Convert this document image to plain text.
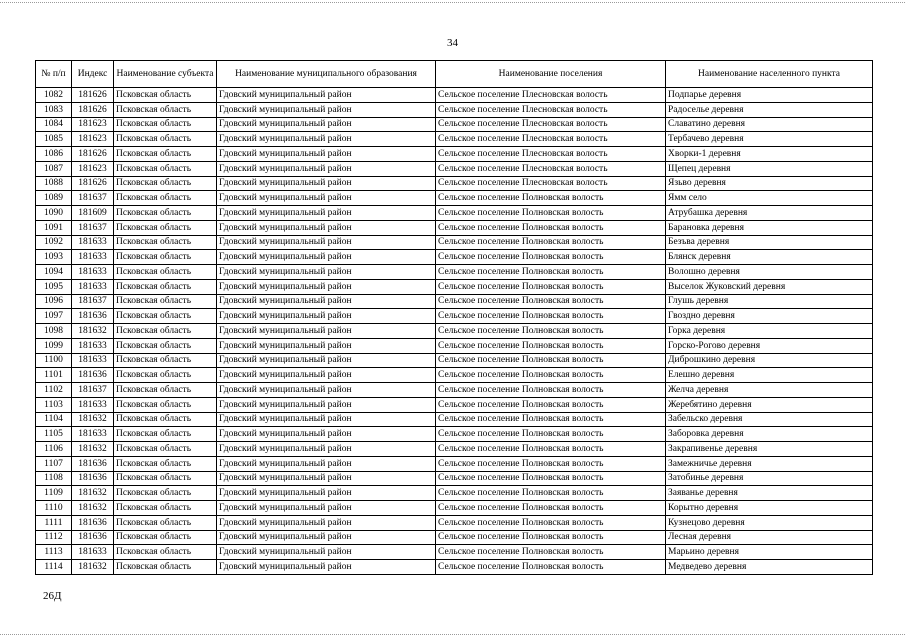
34
№ п/п	Индекс	Наименование субъекта	Наименование муниципального образования	Наименование поселения	Наименование населенного пункта
1082	181626	Псковская область	Гдовский муниципальный район	Сельское поселение Плесновская волость	Подпарье деревня
1083	181626	Псковская область	Гдовский муниципальный район	Сельское поселение Плесновская волость	Радоселье деревня
1084	181623	Псковская область	Гдовский муниципальный район	Сельское поселение Плесновская волость	Славатино деревня
1085	181623	Псковская область	Гдовский муниципальный район	Сельское поселение Плесновская волость	Тербачево деревня
1086	181626	Псковская область	Гдовский муниципальный район	Сельское поселение Плесновская волость	Хворки-1 деревня
1087	181623	Псковская область	Гдовский муниципальный район	Сельское поселение Плесновская волость	Щепец деревня
1088	181626	Псковская область	Гдовский муниципальный район	Сельское поселение Плесновская волость	Язьво деревня
1089	181637	Псковская область	Гдовский муниципальный район	Сельское поселение Полновская волость	Ямм село
1090	181609	Псковская область	Гдовский муниципальный район	Сельское поселение Полновская волость	Атрубашка деревня
1091	181637	Псковская область	Гдовский муниципальный район	Сельское поселение Полновская волость	Барановка деревня
1092	181633	Псковская область	Гдовский муниципальный район	Сельское поселение Полновская волость	Безъва деревня
1093	181633	Псковская область	Гдовский муниципальный район	Сельское поселение Полновская волость	Блянск деревня
1094	181633	Псковская область	Гдовский муниципальный район	Сельское поселение Полновская волость	Волошно деревня
1095	181633	Псковская область	Гдовский муниципальный район	Сельское поселение Полновская волость	Выселок Жуковский деревня
1096	181637	Псковская область	Гдовский муниципальный район	Сельское поселение Полновская волость	Глушь деревня
1097	181636	Псковская область	Гдовский муниципальный район	Сельское поселение Полновская волость	Гвоздно деревня
1098	181632	Псковская область	Гдовский муниципальный район	Сельское поселение Полновская волость	Горка деревня
1099	181633	Псковская область	Гдовский муниципальный район	Сельское поселение Полновская волость	Горско-Рогово деревня
1100	181633	Псковская область	Гдовский муниципальный район	Сельское поселение Полновская волость	Диброшкино деревня
1101	181636	Псковская область	Гдовский муниципальный район	Сельское поселение Полновская волость	Елешно деревня
1102	181637	Псковская область	Гдовский муниципальный район	Сельское поселение Полновская волость	Желча деревня
1103	181633	Псковская область	Гдовский муниципальный район	Сельское поселение Полновская волость	Жеребятино деревня
1104	181632	Псковская область	Гдовский муниципальный район	Сельское поселение Полновская волость	Забельско деревня
1105	181633	Псковская область	Гдовский муниципальный район	Сельское поселение Полновская волость	Заборовка деревня
1106	181632	Псковская область	Гдовский муниципальный район	Сельское поселение Полновская волость	Закрапивенье деревня
1107	181636	Псковская область	Гдовский муниципальный район	Сельское поселение Полновская волость	Замежничье деревня
1108	181636	Псковская область	Гдовский муниципальный район	Сельское поселение Полновская волость	Затобинье деревня
1109	181632	Псковская область	Гдовский муниципальный район	Сельское поселение Полновская волость	Заяванье деревня
1110	181632	Псковская область	Гдовский муниципальный район	Сельское поселение Полновская волость	Корытно деревня
1111	181636	Псковская область	Гдовский муниципальный район	Сельское поселение Полновская волость	Кузнецово деревня
1112	181636	Псковская область	Гдовский муниципальный район	Сельское поселение Полновская волость	Лесная деревня
1113	181633	Псковская область	Гдовский муниципальный район	Сельское поселение Полновская волость	Марьино деревня
1114	181632	Псковская область	Гдовский муниципальный район	Сельское поселение Полновская волость	Медведево деревня
26Д
